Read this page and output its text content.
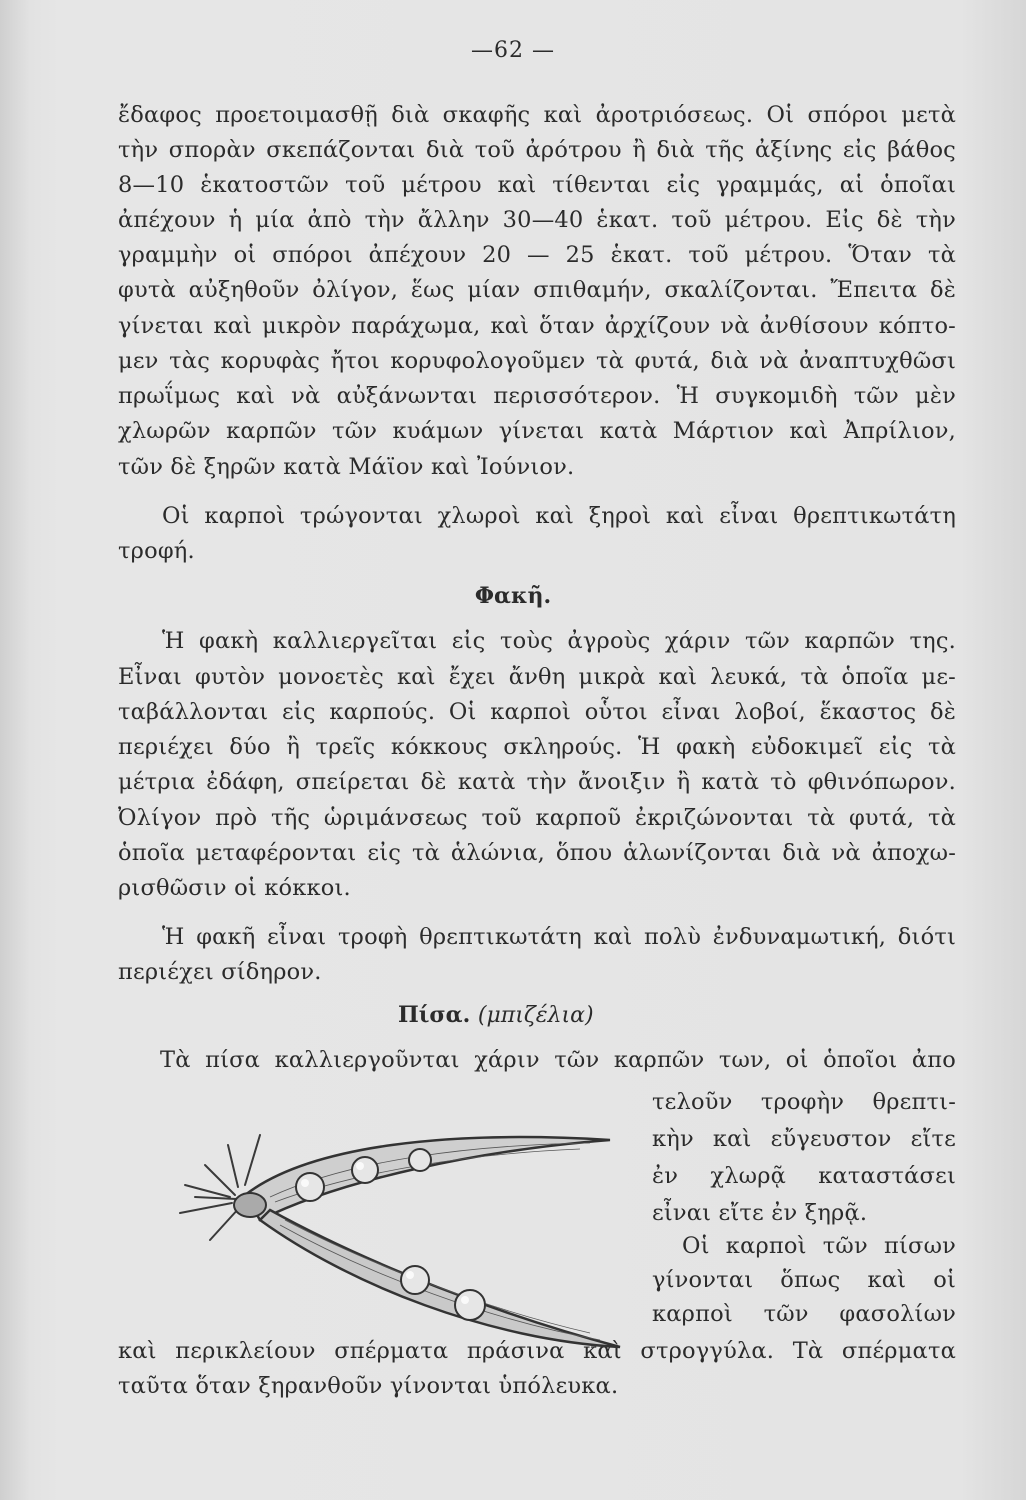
—62 —
ἔδαφος προετοιμασθῇ διὰ σκαφῆς καὶ ἀροτριόσεως. Οἱ σπόροι μετὰ
τὴν σπορὰν σκεπάζονται διὰ τοῦ ἀρότρου ἢ διὰ τῆς ἀξίνης εἰς βάθος
8—10 ἑκατοστῶν τοῦ μέτρου καὶ τίθενται εἰς γραμμάς, αἱ ὁποῖαι
ἀπέχουν ἡ μία ἀπὸ τὴν ἄλλην 30—40 ἑκατ. τοῦ μέτρου. Εἰς δὲ τὴν
γραμμὴν οἱ σπόροι ἀπέχουν 20 — 25 ἑκατ. τοῦ μέτρου. Ὅταν τὰ
φυτὰ αὐξηθοῦν ὀλίγον, ἕως μίαν σπιθαμήν, σκαλίζονται. Ἔπειτα δὲ
γίνεται καὶ μικρὸν παράχωμα, καὶ ὅταν ἀρχίζουν νὰ ἀνθίσουν κόπτο-
μεν τὰς κορυφὰς ἤτοι κορυφολογοῦμεν τὰ φυτά, διὰ νὰ ἀναπτυχθῶσι
πρωΐμως καὶ νὰ αὐξάνωνται περισσότερον. Ἡ συγκομιδὴ τῶν μὲν
χλωρῶν καρπῶν τῶν κυάμων γίνεται κατὰ Μάρτιον καὶ Ἀπρίλιον,
τῶν δὲ ξηρῶν κατὰ Μάϊον καὶ Ἰούνιον.
Οἱ καρποὶ τρώγονται χλωροὶ καὶ ξηροὶ καὶ εἶναι θρεπτικωτάτη
τροφή.
Φακῆ.
Ἡ φακὴ καλλιεργεῖται εἰς τοὺς ἀγροὺς χάριν τῶν καρπῶν της.
Εἶναι φυτὸν μονοετὲς καὶ ἔχει ἄνθη μικρὰ καὶ λευκά, τὰ ὁποῖα με-
ταβάλλονται εἰς καρπούς. Οἱ καρποὶ οὗτοι εἶναι λοβοί, ἕκαστος δὲ
περιέχει δύο ἢ τρεῖς κόκκους σκληρούς. Ἡ φακὴ εὐδοκιμεῖ εἰς τὰ
μέτρια ἐδάφη, σπείρεται δὲ κατὰ τὴν ἄνοιξιν ἢ κατὰ τὸ φθινόπωρον.
Ὀλίγον πρὸ τῆς ὡριμάνσεως τοῦ καρποῦ ἐκριζώνονται τὰ φυτά, τὰ
ὁποῖα μεταφέρονται εἰς τὰ ἁλώνια, ὅπου ἁλωνίζονται διὰ νὰ ἀποχω-
ρισθῶσιν οἱ κόκκοι.
Ἡ φακῆ εἶναι τροφὴ θρεπτικωτάτη καὶ πολὺ ἐνδυναμωτική, διότι
περιέχει σίδηρον.
Πίσα. (μπιζέλια)
Τὰ πίσα καλλιεργοῦνται χάριν τῶν καρπῶν των, οἱ ὁποῖοι ἀπο
τελοῦν τροφὴν θρεπτι-
κὴν καὶ εὔγευστον εἴτε
ἐν χλωρᾷ καταστάσει
εἶναι εἴτε ἐν ξηρᾷ.
Οἱ καρποὶ τῶν πίσων
γίνονται ὅπως καὶ οἱ
καρποὶ τῶν φασολίων
καὶ περικλείουν σπέρματα πράσινα καὶ στρογγύλα. Τὰ σπέρματα
ταῦτα ὅταν ξηρανθοῦν γίνονται ὑπόλευκα.
